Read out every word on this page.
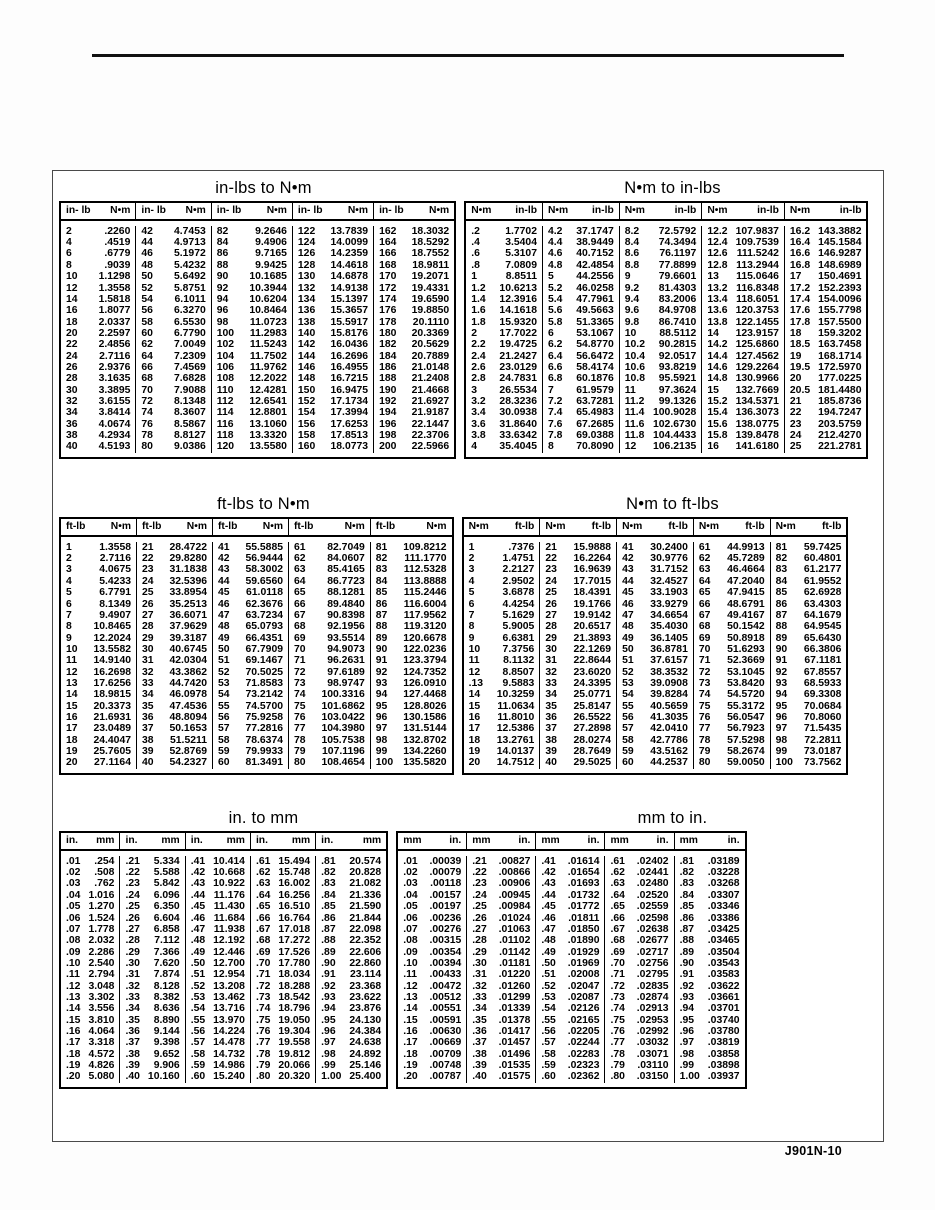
in-lbs to N•m	N•m to in-lbs
in- lb	N•m	in- lb	N•m	in- lb	N•m	in- lb	N•m	in- lb	N•m

2	.2260	42	4.7453	82	9.2646	122	13.7839	162	18.3032
4	.4519	44	4.9713	84	9.4906	124	14.0099	164	18.5292
6	.6779	46	5.1972	86	9.7165	126	14.2359	166	18.7552
8	.9039	48	5.4232	88	9.9425	128	14.4618	168	18.9811
10	1.1298	50	5.6492	90	10.1685	130	14.6878	170	19.2071
12	1.3558	52	5.8751	92	10.3944	132	14.9138	172	19.4331
14	1.5818	54	6.1011	94	10.6204	134	15.1397	174	19.6590
16	1.8077	56	6.3270	96	10.8464	136	15.3657	176	19.8850
18	2.0337	58	6.5530	98	11.0723	138	15.5917	178	20.1110
20	2.2597	60	6.7790	100	11.2983	140	15.8176	180	20.3369
22	2.4856	62	7.0049	102	11.5243	142	16.0436	182	20.5629
24	2.7116	64	7.2309	104	11.7502	144	16.2696	184	20.7889
26	2.9376	66	7.4569	106	11.9762	146	16.4955	186	21.0148
28	3.1635	68	7.6828	108	12.2022	148	16.7215	188	21.2408
30	3.3895	70	7.9088	110	12.4281	150	16.9475	190	21.4668
32	3.6155	72	8.1348	112	12.6541	152	17.1734	192	21.6927
34	3.8414	74	8.3607	114	12.8801	154	17.3994	194	21.9187
36	4.0674	76	8.5867	116	13.1060	156	17.6253	196	22.1447
38	4.2934	78	8.8127	118	13.3320	158	17.8513	198	22.3706
40	4.5193	80	9.0386	120	13.5580	160	18.0773	200	22.5966

N•m	in-lb	N•m	in-lb	N•m	in-lb	N•m	in-lb	N•m	in-lb

.2	1.7702	4.2	37.1747	8.2	72.5792	12.2	107.9837	16.2	143.3882
.4	3.5404	4.4	38.9449	8.4	74.3494	12.4	109.7539	16.4	145.1584
.6	5.3107	4.6	40.7152	8.6	76.1197	12.6	111.5242	16.6	146.9287
.8	7.0809	4.8	42.4854	8.8	77.8899	12.8	113.2944	16.8	148.6989
1	8.8511	5	44.2556	9	79.6601	13	115.0646	17	150.4691
1.2	10.6213	5.2	46.0258	9.2	81.4303	13.2	116.8348	17.2	152.2393
1.4	12.3916	5.4	47.7961	9.4	83.2006	13.4	118.6051	17.4	154.0096
1.6	14.1618	5.6	49.5663	9.6	84.9708	13.6	120.3753	17.6	155.7798
1.8	15.9320	5.8	51.3365	9.8	86.7410	13.8	122.1455	17.8	157.5500
2	17.7022	6	53.1067	10	88.5112	14	123.9157	18	159.3202
2.2	19.4725	6.2	54.8770	10.2	90.2815	14.2	125.6860	18.5	163.7458
2.4	21.2427	6.4	56.6472	10.4	92.0517	14.4	127.4562	19	168.1714
2.6	23.0129	6.6	58.4174	10.6	93.8219	14.6	129.2264	19.5	172.5970
2.8	24.7831	6.8	60.1876	10.8	95.5921	14.8	130.9966	20	177.0225
3	26.5534	7	61.9579	11	97.3624	15	132.7669	20.5	181.4480
3.2	28.3236	7.2	63.7281	11.2	99.1326	15.2	134.5371	21	185.8736
3.4	30.0938	7.4	65.4983	11.4	100.9028	15.4	136.3073	22	194.7247
3.6	31.8640	7.6	67.2685	11.6	102.6730	15.6	138.0775	23	203.5759
3.8	33.6342	7.8	69.0388	11.8	104.4433	15.8	139.8478	24	212.4270
4	35.4045	8	70.8090	12	106.2135	16	141.6180	25	221.2781

ft-lbs to N•m	N•m to ft-lbs
ft-lb	N•m	ft-lb	N•m	ft-lb	N•m	ft-lb	N•m	ft-lb	N•m

1	1.3558	21	28.4722	41	55.5885	61	82.7049	81	109.8212
2	2.7116	22	29.8280	42	56.9444	62	84.0607	82	111.1770
3	4.0675	23	31.1838	43	58.3002	63	85.4165	83	112.5328
4	5.4233	24	32.5396	44	59.6560	64	86.7723	84	113.8888
5	6.7791	25	33.8954	45	61.0118	65	88.1281	85	115.2446
6	8.1349	26	35.2513	46	62.3676	66	89.4840	86	116.6004
7	9.4907	27	36.6071	47	63.7234	67	90.8398	87	117.9562
8	10.8465	28	37.9629	48	65.0793	68	92.1956	88	119.3120
9	12.2024	29	39.3187	49	66.4351	69	93.5514	89	120.6678
10	13.5582	30	40.6745	50	67.7909	70	94.9073	90	122.0236
11	14.9140	31	42.0304	51	69.1467	71	96.2631	91	123.3794
12	16.2698	32	43.3862	52	70.5025	72	97.6189	92	124.7352
13	17.6256	33	44.7420	53	71.8583	73	98.9747	93	126.0910
14	18.9815	34	46.0978	54	73.2142	74	100.3316	94	127.4468
15	20.3373	35	47.4536	55	74.5700	75	101.6862	95	128.8026
16	21.6931	36	48.8094	56	75.9258	76	103.0422	96	130.1586
17	23.0489	37	50.1653	57	77.2816	77	104.3980	97	131.5144
18	24.4047	38	51.5211	58	78.6374	78	105.7538	98	132.8702
19	25.7605	39	52.8769	59	79.9933	79	107.1196	99	134.2260
20	27.1164	40	54.2327	60	81.3491	80	108.4654	100	135.5820

N•m	ft-lb	N•m	ft-lb	N•m	ft-lb	N•m	ft-lb	N•m	ft-lb

1	.7376	21	15.9888	41	30.2400	61	44.9913	81	59.7425
2	1.4751	22	16.2264	42	30.9776	62	45.7289	82	60.4801
3	2.2127	23	16.9639	43	31.7152	63	46.4664	83	61.2177
4	2.9502	24	17.7015	44	32.4527	64	47.2040	84	61.9552
5	3.6878	25	18.4391	45	33.1903	65	47.9415	85	62.6928
6	4.4254	26	19.1766	46	33.9279	66	48.6791	86	63.4303
7	5.1629	27	19.9142	47	34.6654	67	49.4167	87	64.1679
8	5.9005	28	20.6517	48	35.4030	68	50.1542	88	64.9545
9	6.6381	29	21.3893	49	36.1405	69	50.8918	89	65.6430
10	7.3756	30	22.1269	50	36.8781	70	51.6293	90	66.3806
11	8.1132	31	22.8644	51	37.6157	71	52.3669	91	67.1181
12	8.8507	32	23.6020	52	38.3532	72	53.1045	92	67.8557
.13	9.5883	33	24.3395	53	39.0908	73	53.8420	93	68.5933
14	10.3259	34	25.0771	54	39.8284	74	54.5720	94	69.3308
15	11.0634	35	25.8147	55	40.5659	75	55.3172	95	70.0684
16	11.8010	36	26.5522	56	41.3035	76	56.0547	96	70.8060
17	12.5386	37	27.2898	57	42.0410	77	56.7923	97	71.5435
18	13.2761	38	28.0274	58	42.7786	78	57.5298	98	72.2811
19	14.0137	39	28.7649	59	43.5162	79	58.2674	99	73.0187
20	14.7512	40	29.5025	60	44.2537	80	59.0050	100	73.7562

in. to mm	mm to in.
in.	mm	in.	mm	in.	mm	in.	mm	in.	mm

.01	.254	.21	5.334	.41	10.414	.61	15.494	.81	20.574
.02	.508	.22	5.588	.42	10.668	.62	15.748	.82	20.828
.03	.762	.23	5.842	.43	10.922	.63	16.002	.83	21.082
.04	1.016	.24	6.096	.44	11.176	.64	16.256	.84	21.336
.05	1.270	.25	6.350	.45	11.430	.65	16.510	.85	21.590
.06	1.524	.26	6.604	.46	11.684	.66	16.764	.86	21.844
.07	1.778	.27	6.858	.47	11.938	.67	17.018	.87	22.098
.08	2.032	.28	7.112	.48	12.192	.68	17.272	.88	22.352
.09	2.286	.29	7.366	.49	12.446	.69	17.526	.89	22.606
.10	2.540	.30	7.620	.50	12.700	.70	17.780	.90	22.860
.11	2.794	.31	7.874	.51	12.954	.71	18.034	.91	23.114
.12	3.048	.32	8.128	.52	13.208	.72	18.288	.92	23.368
.13	3.302	.33	8.382	.53	13.462	.73	18.542	.93	23.622
.14	3.556	.34	8.636	.54	13.716	.74	18.796	.94	23.876
.15	3.810	.35	8.890	.55	13.970	.75	19.050	.95	24.130
.16	4.064	.36	9.144	.56	14.224	.76	19.304	.96	24.384
.17	3.318	.37	9.398	.57	14.478	.77	19.558	.97	24.638
.18	4.572	.38	9.652	.58	14.732	.78	19.812	.98	24.892
.19	4.826	.39	9.906	.59	14.986	.79	20.066	.99	25.146
.20	5.080	.40	10.160	.60	15.240	.80	20.320	1.00	25.400

mm	in.	mm	in.	mm	in.	mm	in.	mm	in.

.01	.00039	.21	.00827	.41	.01614	.61	.02402	.81	.03189
.02	.00079	.22	.00866	.42	.01654	.62	.02441	.82	.03228
.03	.00118	.23	.00906	.43	.01693	.63	.02480	.83	.03268
.04	.00157	.24	.00945	.44	.01732	.64	.02520	.84	.03307
.05	.00197	.25	.00984	.45	.01772	.65	.02559	.85	.03346
.06	.00236	.26	.01024	.46	.01811	.66	.02598	.86	.03386
.07	.00276	.27	.01063	.47	.01850	.67	.02638	.87	.03425
.08	.00315	.28	.01102	.48	.01890	.68	.02677	.88	.03465
.09	.00354	.29	.01142	.49	.01929	.69	.02717	.89	.03504
.10	.00394	.30	.01181	.50	.01969	.70	.02756	.90	.03543
.11	.00433	.31	.01220	.51	.02008	.71	.02795	.91	.03583
.12	.00472	.32	.01260	.52	.02047	.72	.02835	.92	.03622
.13	.00512	.33	.01299	.53	.02087	.73	.02874	.93	.03661
.14	.00551	.34	.01339	.54	.02126	.74	.02913	.94	.03701
.15	.00591	.35	.01378	.55	.02165	.75	.02953	.95	.03740
.16	.00630	.36	.01417	.56	.02205	.76	.02992	.96	.03780
.17	.00669	.37	.01457	.57	.02244	.77	.03032	.97	.03819
.18	.00709	.38	.01496	.58	.02283	.78	.03071	.98	.03858
.19	.00748	.39	.01535	.59	.02323	.79	.03110	.99	.03898
.20	.00787	.40	.01575	.60	.02362	.80	.03150	1.00	.03937

J901N-10
